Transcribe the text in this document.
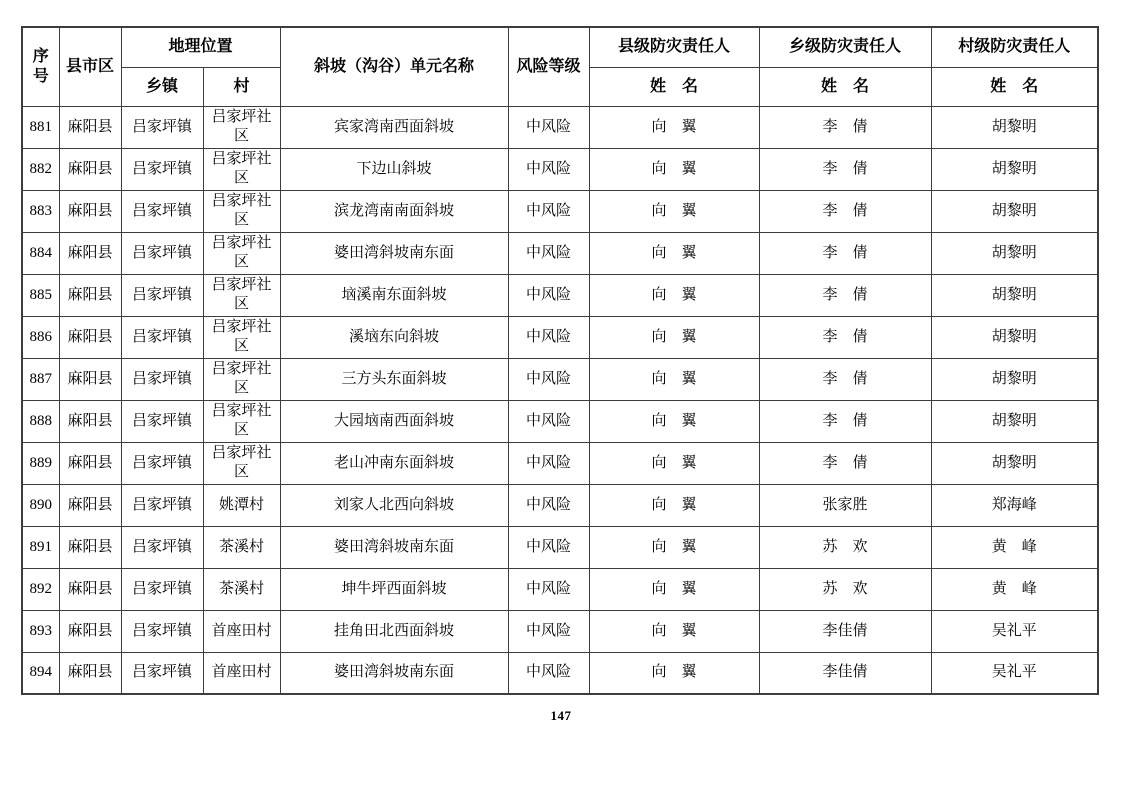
序号	县市区	地理位置		斜坡（沟谷）单元名称	风险等级	县级防灾责任人	乡级防灾责任人	村级防灾责任人
		乡镇	村			姓　名	姓　名	姓　名
881	麻阳县	吕家坪镇	吕家坪社区	宾家湾南西面斜坡	中风险	向　翼	李　倩	胡黎明
882	麻阳县	吕家坪镇	吕家坪社区	下边山斜坡	中风险	向　翼	李　倩	胡黎明
883	麻阳县	吕家坪镇	吕家坪社区	滨龙湾南南面斜坡	中风险	向　翼	李　倩	胡黎明
884	麻阳县	吕家坪镇	吕家坪社区	婆田湾斜坡南东面	中风险	向　翼	李　倩	胡黎明
885	麻阳县	吕家坪镇	吕家坪社区	垴溪南东面斜坡	中风险	向　翼	李　倩	胡黎明
886	麻阳县	吕家坪镇	吕家坪社区	溪垴东向斜坡	中风险	向　翼	李　倩	胡黎明
887	麻阳县	吕家坪镇	吕家坪社区	三方头东面斜坡	中风险	向　翼	李　倩	胡黎明
888	麻阳县	吕家坪镇	吕家坪社区	大园垴南西面斜坡	中风险	向　翼	李　倩	胡黎明
889	麻阳县	吕家坪镇	吕家坪社区	老山冲南东面斜坡	中风险	向　翼	李　倩	胡黎明
890	麻阳县	吕家坪镇	姚潭村	刘家人北西向斜坡	中风险	向　翼	张家胜	郑海峰
891	麻阳县	吕家坪镇	茶溪村	婆田湾斜坡南东面	中风险	向　翼	苏　欢	黄　峰
892	麻阳县	吕家坪镇	茶溪村	坤牛坪西面斜坡	中风险	向　翼	苏　欢	黄　峰
893	麻阳县	吕家坪镇	首座田村	挂角田北西面斜坡	中风险	向　翼	李佳倩	吴礼平
894	麻阳县	吕家坪镇	首座田村	婆田湾斜坡南东面	中风险	向　翼	李佳倩	吴礼平
147
